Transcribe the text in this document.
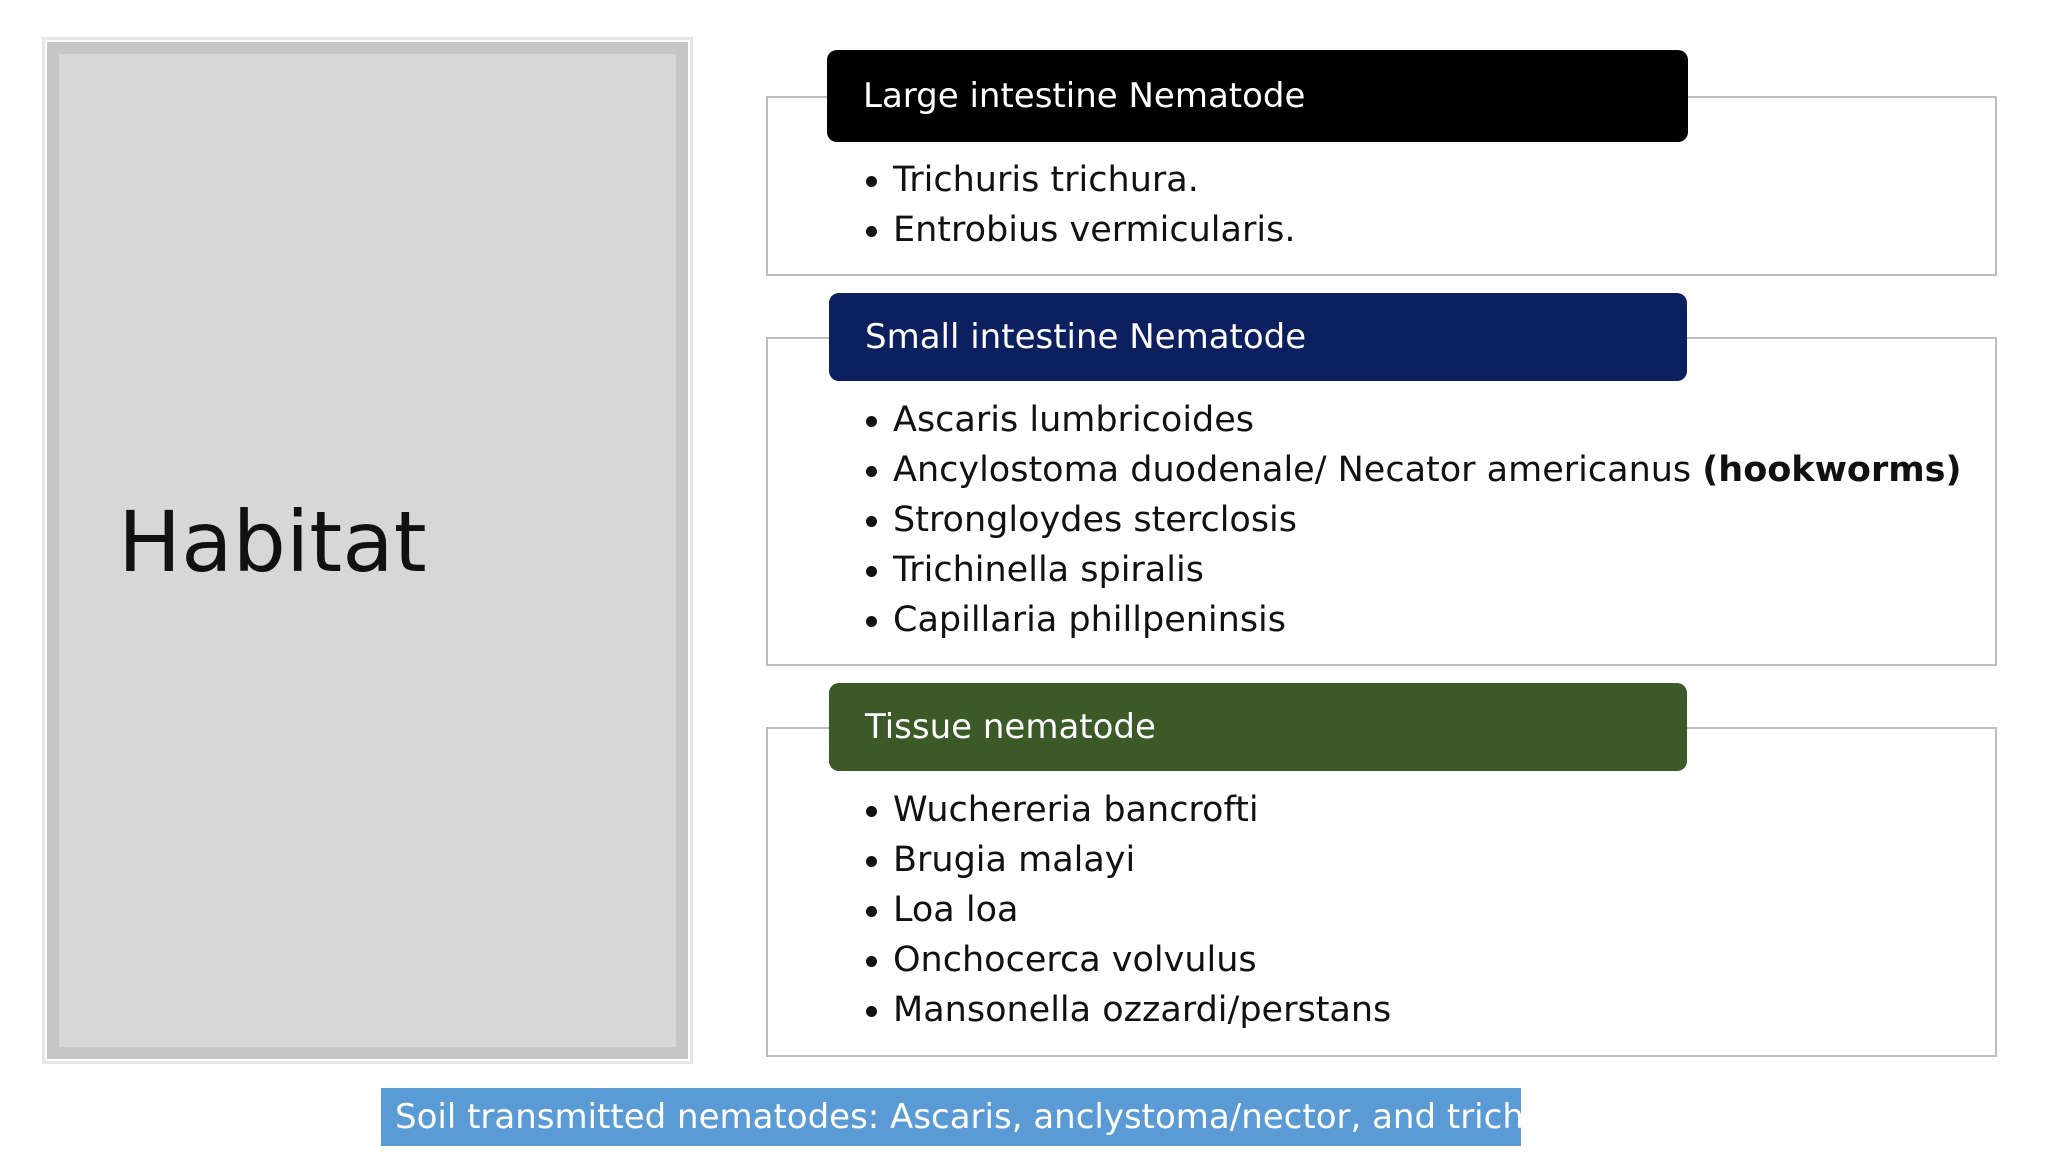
Habitat
Large intestine Nematode
Trichuris trichura.
Entrobius vermicularis.
Small intestine Nematode
Ascaris lumbricoides
Ancylostoma duodenale/ Necator americanus (hookworms)
Strongloydes sterclosis
Trichinella spiralis
Capillaria phillpeninsis
Tissue nematode
Wuchereria bancrofti
Brugia malayi
Loa loa
Onchocerca volvulus
Mansonella ozzardi/perstans
Soil transmitted nematodes: Ascaris, anclystoma/nector, and trichuris
